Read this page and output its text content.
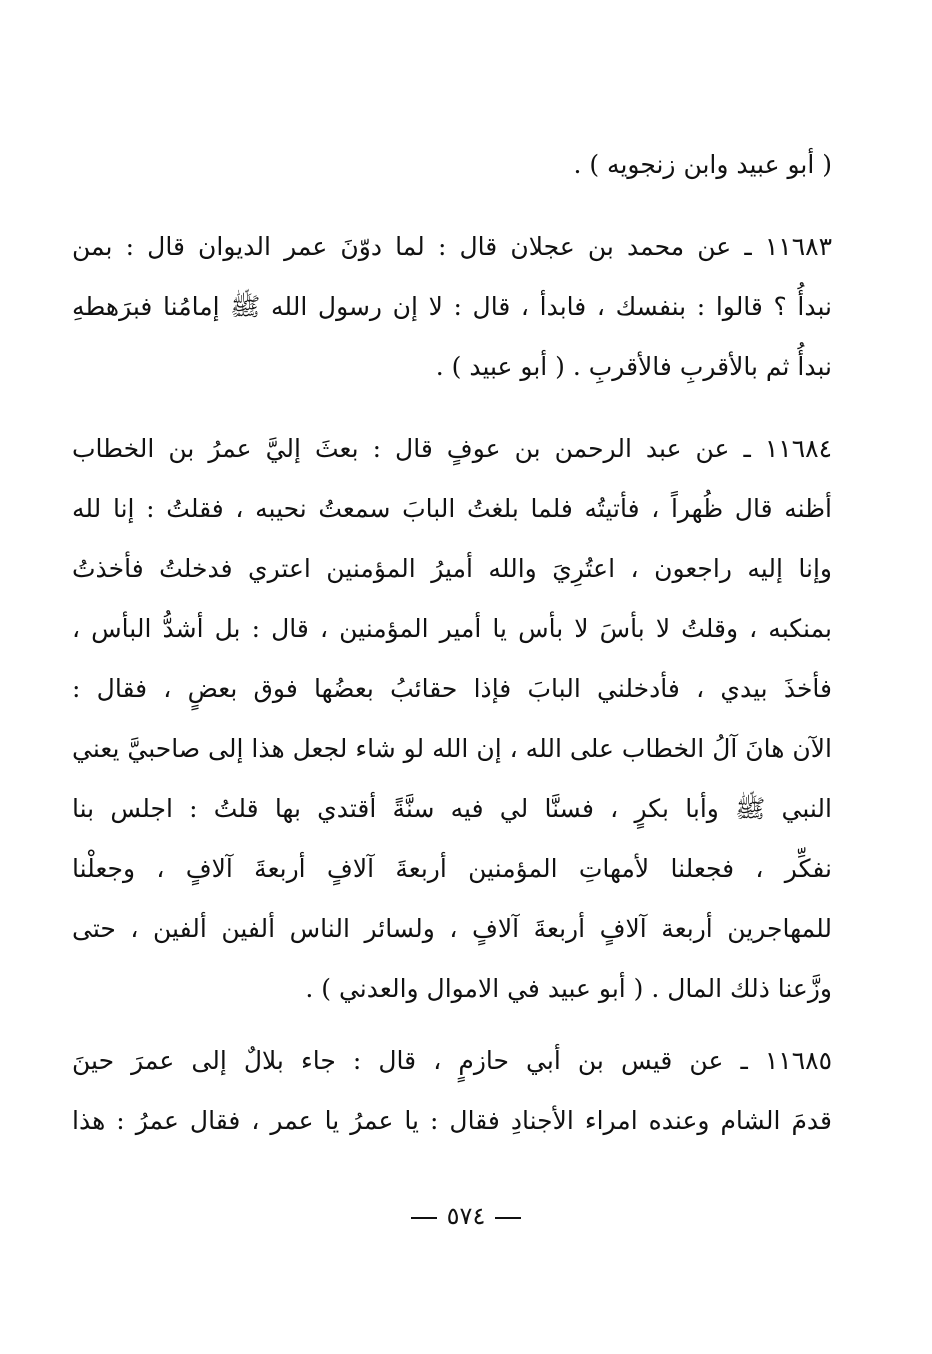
( أبو عبيد وابن زنجويه ) .
١١٦٨٣ ـ عن محمد بن عجلان قال : لما دوّنَ عمر الديوان قال : بمن
نبدأُ ؟ قالوا : بنفسك ، فابدأ ، قال : لا إن رسول الله ﷺ إمامُنا فبرَهطهِ
نبدأُ ثم بالأقربِ فالأقربِ . ( أبو عبيد ) .
١١٦٨٤ ـ عن عبد الرحمن بن عوفٍ قال : بعثَ إليَّ عمرُ بن الخطاب
أظنه قال ظُهراً ، فأتيتُه فلما بلغتُ البابَ سمعتُ نحيبه ، فقلتُ : إنا لله
وإنا إليه راجعون ، اعتُرِيَ والله أميرُ المؤمنين اعتري فدخلتُ فأخذتُ
بمنكبه ، وقلتُ لا بأسَ لا بأس يا أمير المؤمنين ، قال : بل أشدُّ البأس ،
فأخذَ بيدي ، فأدخلني البابَ فإذا حقائبُ بعضُها فوق بعضٍ ، فقال :
الآن هانَ آلُ الخطاب على الله ، إن الله لو شاء لجعل هذا إلى صاحبيَّ يعني
النبي ﷺ وأبا بكرٍ ، فسنَّا لي فيه سنَّةً أقتدي بها قلتُ : اجلس بنا
نفكِّر ، فجعلنا لأمهاتِ المؤمنين أربعةَ آلافٍ أربعةَ آلافٍ ، وجعلْنا
للمهاجرين أربعة آلافٍ أربعةَ آلافٍ ، ولسائر الناس ألفين ألفين ، حتى
وزَّعنا ذلك المال . ( أبو عبيد في الاموال والعدني ) .
١١٦٨٥ ـ عن قيس بن أبي حازمٍ ، قال : جاء بلالٌ إلى عمرَ حينَ
قدمَ الشام وعنده امراء الأجنادِ فقال : يا عمرُ يا عمر ، فقال عمرُ : هذا
٥٧٤
